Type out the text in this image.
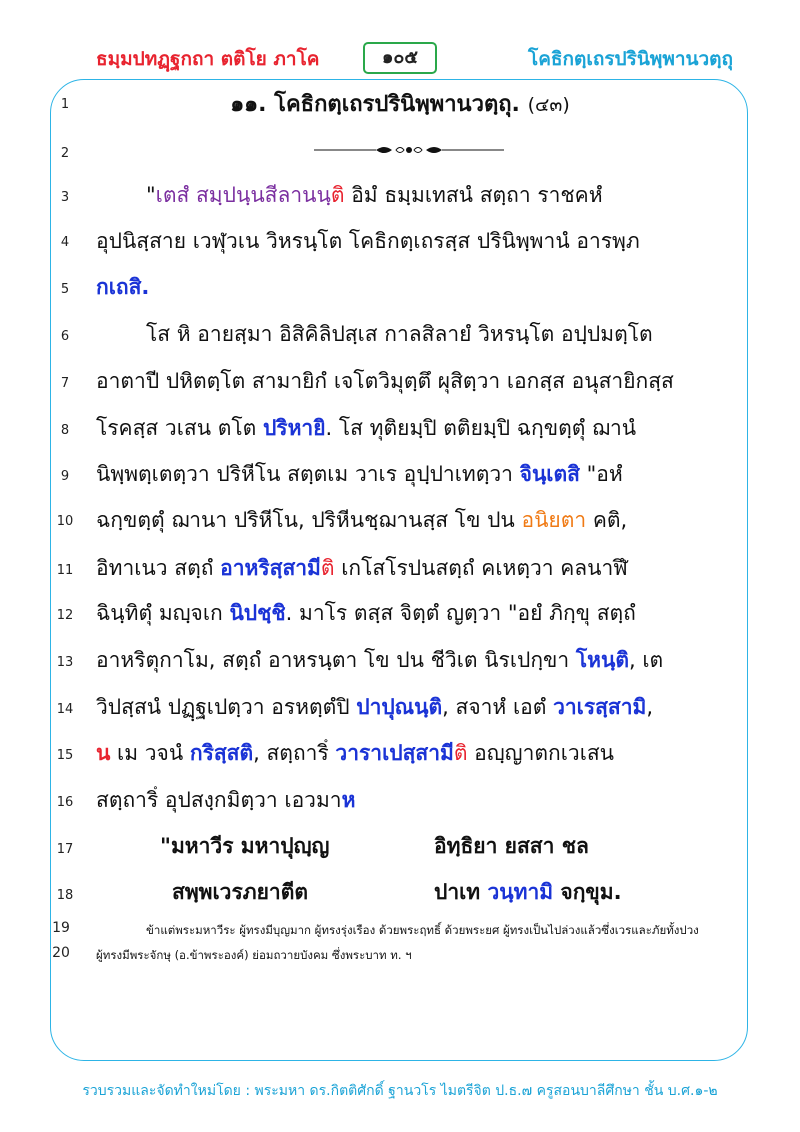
ธมฺมปทฏฺฐกถา ตติโย ภาโค	๑๐๕	โคธิกตฺเถรปรินิพฺพานวตฺถุ
๑๑. โคธิกตฺเถรปรินิพฺพานวตฺถุ. (๔๓)
1
2
3
4
5
6
7
8
9
10
11
12
13
14
15
16
17
18
19
20
"เตสํ สมฺปนฺนสีลานนฺติ อิมํ ธมฺมเทสนํ สตฺถา ราชคหํ
อุปนิสฺสาย เวฬุวเน วิหรนฺโต โคธิกตฺเถรสฺส ปรินิพฺพานํ อารพฺภ
กเถสิ.
โส หิ อายสฺมา อิสิคิลิปสฺเส กาลสิลายํ วิหรนฺโต อปฺปมตฺโต
อาตาปี ปหิตตฺโต สามายิกํ เจโตวิมุตฺตึ ผุสิตฺวา เอกสฺส อนุสายิกสฺส
โรคสฺส วเสน ตโต ปริหายิ. โส ทุติยมฺปิ ตติยมฺปิ ฉกฺขตฺตุํ ฌานํ
นิพฺพตฺเตตฺวา ปริหีโน สตฺตเม วาเร อุปฺปาเทตฺวา จินฺเตสิ "อหํ
ฉกฺขตฺตุํ ฌานา ปริหีโน, ปริหีนชฺฌานสฺส โข ปน อนิยตา คติ,
อิทาเนว สตฺถํ อาหริสฺสามีติ เกโสโรปนสตฺถํ คเหตฺวา คลนาฬึ
ฉินฺทิตุํ มญฺจเก นิปชฺชิ. มาโร ตสฺส จิตฺตํ ญตฺวา "อยํ ภิกฺขุ สตฺถํ
อาหริตุกาโม, สตฺถํ อาหรนฺตา โข ปน ชีวิเต นิรเปกฺขา โหนฺติ, เต
วิปสฺสนํ ปฏฺฐเปตฺวา อรหตฺตํปิ ปาปุณนฺติ, สจาหํ เอตํ วาเรสฺสามิ,
น เม วจนํ กริสฺสติ, สตฺถาริํ วาราเปสฺสามีติ อญฺญาตกเวเสน
สตฺถาริํ อุปสงฺกมิตฺวา เอวมาห
"มหาวีร มหาปุญฺญ	อิทฺธิยา ยสสา ชล
สพฺพเวรภยาตีต	ปาเท วนฺทามิ จกฺขุม.
ข้าแต่พระมหาวีระ ผู้ทรงมีบุญมาก ผู้ทรงรุ่งเรือง ด้วยพระฤทธิ์ ด้วยพระยศ ผู้ทรงเป็นไปล่วงแล้วซึ่งเวรและภัยทั้งปวง
ผู้ทรงมีพระจักษุ (อ.ข้าพระองค์) ย่อมถวายบังคม ซึ่งพระบาท ท. ฯ
รวบรวมและจัดทำใหม่โดย : พระมหา ดร.กิตติศักดิ์ ฐานวโร ไมตรีจิต ป.ธ.๗ ครูสอนบาลีศึกษา ชั้น บ.ศ.๑-๒
